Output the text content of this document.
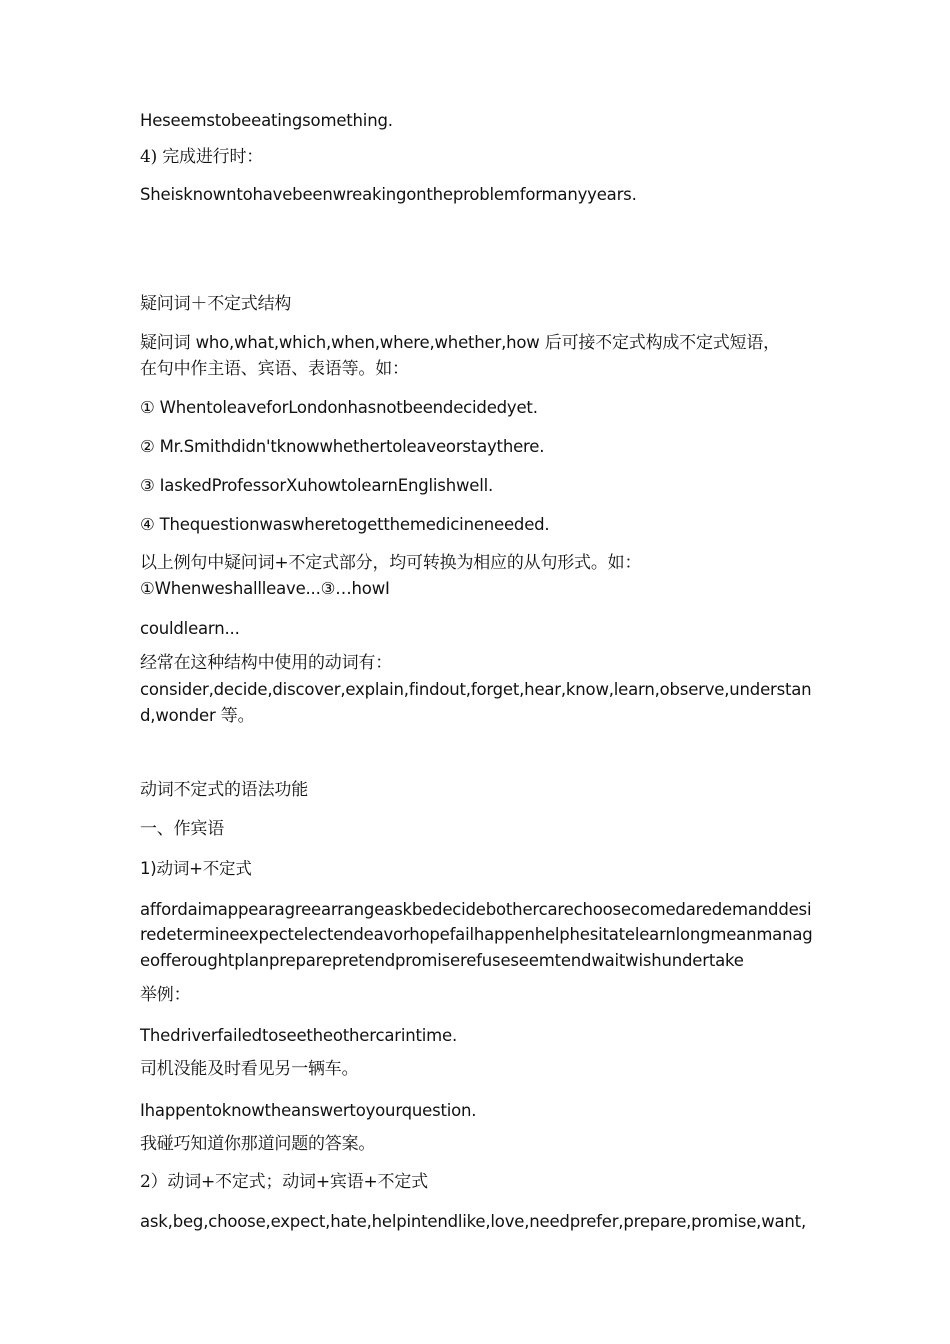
Heseemstobeeatingsomething.
4) 完成进行时：
Sheisknowntohavebeenwreakingontheproblemformanyyears.
疑问词＋不定式结构
疑问词 who,what,which,when,where,whether,how 后可接不定式构成不定式短语，
在句中作主语、宾语、表语等。如：
① WhentoleaveforLondonhasnotbeendecidedyet.
② Mr.Smithdidn'tknowwhethertoleaveorstaythere.
③ IaskedProfessorXuhowtolearnEnglishwell.
④ Thequestionwaswheretogetthemedicineneeded.
以上例句中疑问词+不定式部分，均可转换为相应的从句形式。如：
①Whenweshallleave...③…howI
couldlearn...
经常在这种结构中使用的动词有：
consider,decide,discover,explain,findout,forget,hear,know,learn,observe,understan
d,wonder 等。
动词不定式的语法功能
一、作宾语
1)动词+不定式
affordaimappearagreearrangeaskbedecidebothercarechoosecomedaredemanddesi
redetermineexpectelectendeavorhopefailhappenhelphesitatelearnlongmeanmanag
eofferoughtplanpreparepretendpromiserefuseseemtendwaitwishundertake
举例：
Thedriverfailedtoseetheothercarintime.
司机没能及时看见另一辆车。
Ihappentoknowtheanswertoyourquestion.
我碰巧知道你那道问题的答案。
2）动词+不定式；动词+宾语+不定式
ask,beg,choose,expect,hate,helpintendlike,love,needprefer,prepare,promise,want,
